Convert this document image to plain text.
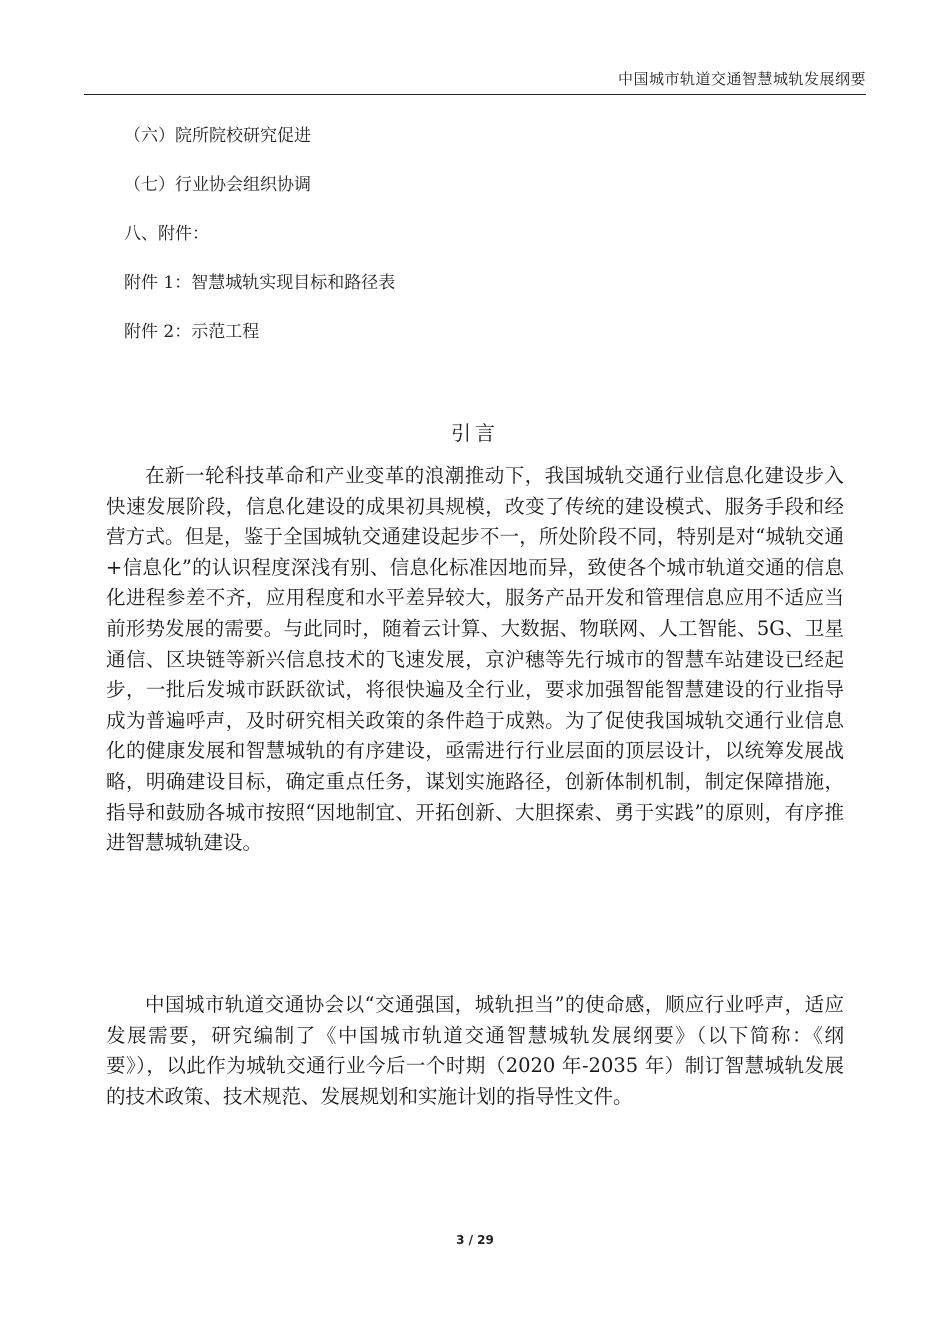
中国城市轨道交通智慧城轨发展纲要
（六）院所院校研究促进
（七）行业协会组织协调
八、附件：
附件 1：智慧城轨实现目标和路径表
附件 2：示范工程
引言

在新一轮科技革命和产业变革的浪潮推动下，我国城轨交通行业信息化建设步入快速发展阶段，信息化建设的成果初具规模，改变了传统的建设模式、服务手段和经营方式。但是，鉴于全国城轨交通建设起步不一，所处阶段不同，特别是对“城轨交通+信息化”的认识程度深浅有别、信息化标准因地而异，致使各个城市轨道交通的信息化进程参差不齐，应用程度和水平差异较大，服务产品开发和管理信息应用不适应当前形势发展的需要。与此同时，随着云计算、大数据、物联网、人工智能、5G、卫星通信、区块链等新兴信息技术的飞速发展，京沪穗等先行城市的智慧车站建设已经起步，一批后发城市跃跃欲试，将很快遍及全行业，要求加强智能智慧建设的行业指导成为普遍呼声，及时研究相关政策的条件趋于成熟。为了促使我国城轨交通行业信息化的健康发展和智慧城轨的有序建设，亟需进行行业层面的顶层设计，以统筹发展战略，明确建设目标，确定重点任务，谋划实施路径，创新体制机制，制定保障措施，指导和鼓励各城市按照“因地制宜、开拓创新、大胆探索、勇于实践”的原则，有序推进智慧城轨建设。

中国城市轨道交通协会以“交通强国，城轨担当”的使命感，顺应行业呼声，适应发展需要，研究编制了《中国城市轨道交通智慧城轨发展纲要》（以下简称：《纲要》），以此作为城轨交通行业今后一个时期（2020 年-2035 年）制订智慧城轨发展的技术政策、技术规范、发展规划和实施计划的指导性文件。

3 / 29
